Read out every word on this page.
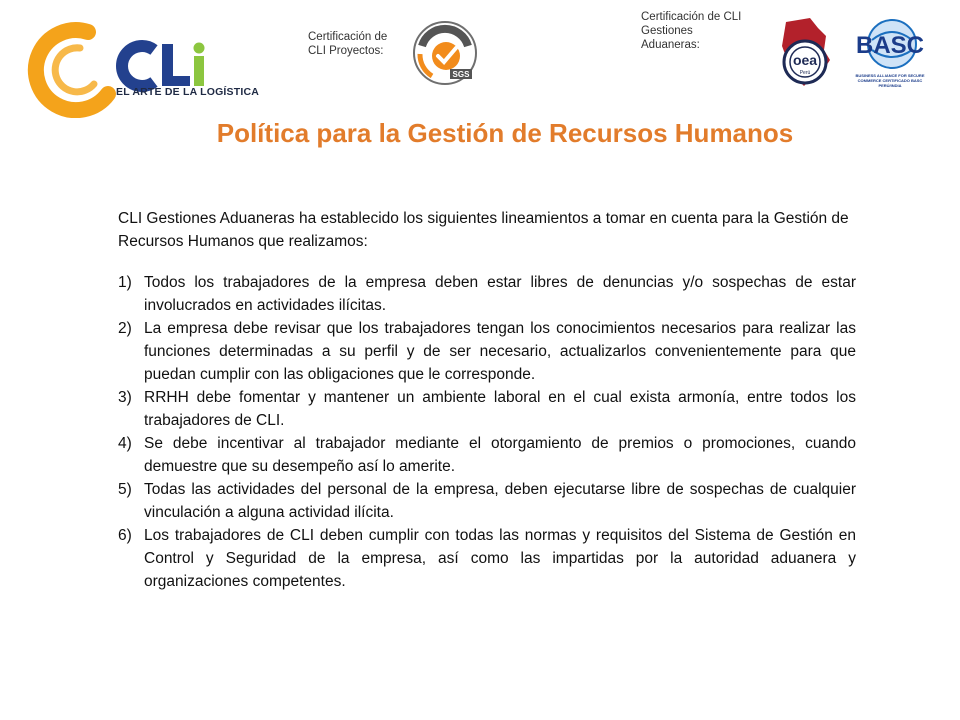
EL ARTE DE LA LOGÍSTICA
Certificación de CLI Proyectos:
Certificación de CLI Gestiones Aduaneras:
SGS
oea
Perú
BASC
BUSINESS ALLIANCE FOR SECURE COMMERCE CERTIFICADO BASC PERÚ/INDIA
Política para la Gestión de Recursos Humanos
CLI Gestiones Aduaneras ha establecido los siguientes lineamientos a tomar en cuenta para la Gestión de Recursos Humanos que realizamos:
1) Todos los trabajadores de la empresa deben estar libres de denuncias y/o sospechas de estar involucrados en actividades ilícitas.
2) La empresa debe revisar que los trabajadores tengan los conocimientos necesarios para realizar las funciones determinadas a su perfil y de ser necesario, actualizarlos convenientemente para que puedan cumplir con las obligaciones que le corresponde.
3) RRHH debe fomentar y mantener un ambiente laboral en el cual exista armonía, entre todos los trabajadores de CLI.
4) Se debe incentivar al trabajador mediante el otorgamiento de premios o promociones, cuando demuestre que su desempeño así lo amerite.
5) Todas las actividades del personal de la empresa, deben ejecutarse libre de sospechas de cualquier vinculación a alguna actividad ilícita.
6) Los trabajadores de CLI deben cumplir con todas las normas y requisitos del Sistema de Gestión en Control y Seguridad de la empresa, así como las impartidas por la autoridad aduanera y organizaciones competentes.
